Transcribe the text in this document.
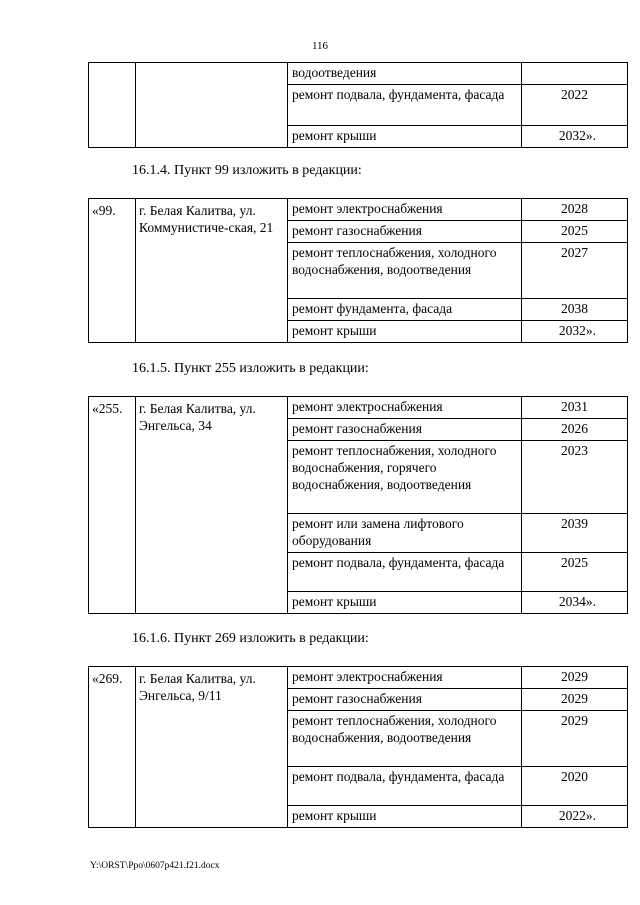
116
		водоотведения	
		ремонт подвала, фундамента, фасада	2022
		ремонт крыши	2032».
16.1.4. Пункт 99 изложить в редакции:
«99.	г. Белая Калитва, ул. Коммунистиче-ская, 21	ремонт электроснабжения	2028
		ремонт газоснабжения	2025
		ремонт теплоснабжения, холодного водоснабжения, водоотведения	2027
		ремонт фундамента, фасада	2038
		ремонт крыши	2032».
16.1.5. Пункт 255 изложить в редакции:
«255.	г. Белая Калитва, ул. Энгельса, 34	ремонт электроснабжения	2031
		ремонт газоснабжения	2026
		ремонт теплоснабжения, холодного водоснабжения, горячего водоснабжения, водоотведения	2023
		ремонт или замена лифтового оборудования	2039
		ремонт подвала, фундамента, фасада	2025
		ремонт крыши	2034».
16.1.6. Пункт 269 изложить в редакции:
«269.	г. Белая Калитва, ул. Энгельса, 9/11	ремонт электроснабжения	2029
		ремонт газоснабжения	2029
		ремонт теплоснабжения, холодного водоснабжения, водоотведения	2029
		ремонт подвала, фундамента, фасада	2020
		ремонт крыши	2022».
Y:\ORST\Ppo\0607p421.f21.docx
